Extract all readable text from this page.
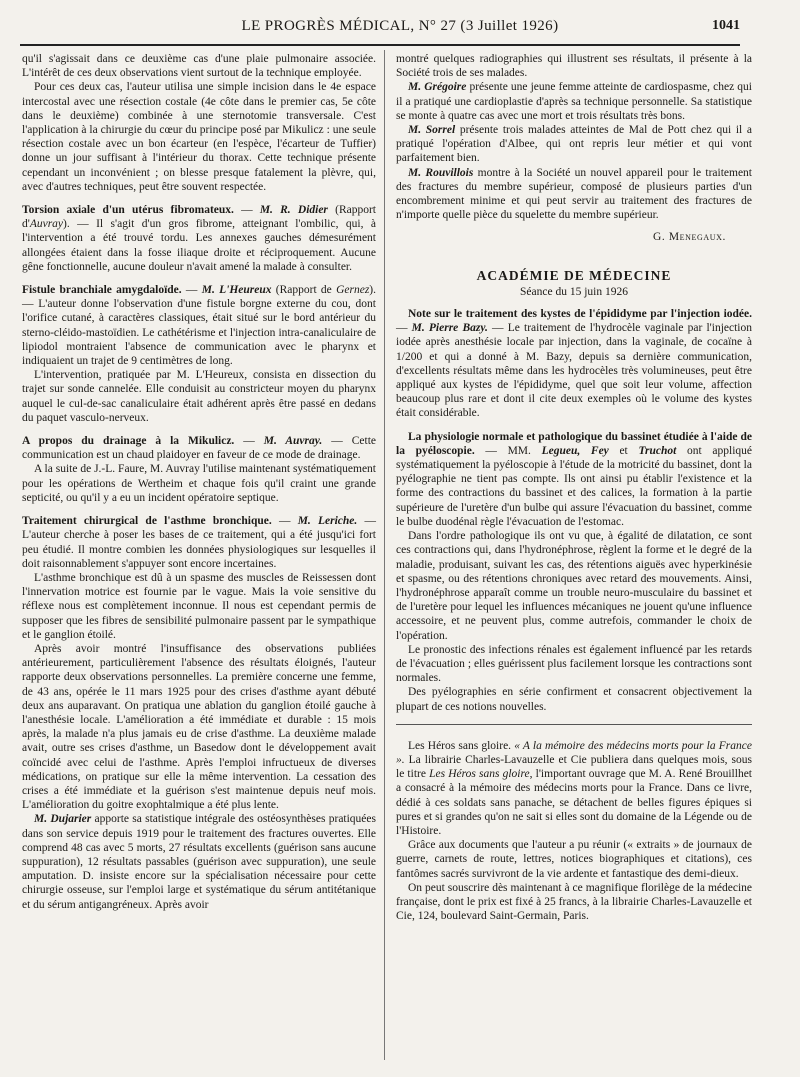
LE PROGRÈS MÉDICAL, N° 27 (3 Juillet 1926)	1041

qu'il s'agissait dans ce deuxième cas d'une plaie pulmonaire associée. L'intérêt de ces deux observations vient surtout de la technique employée.

Pour ces deux cas, l'auteur utilisa une simple incision dans le 4e espace intercostal avec une résection costale (4e côte dans le premier cas, 5e côte dans le deuxième) combinée à une sternotomie transversale. C'est l'application à la chirurgie du cœur du principe posé par Mikulicz : une seule résection costale avec un bon écarteur (en l'espèce, l'écarteur de Tuffier) donne un jour suffisant à l'intérieur du thorax. Cette technique présente cependant un inconvénient ; on blesse presque fatalement la plèvre, qui, avec d'autres techniques, peut être souvent respectée.

Torsion axiale d'un utérus fibromateux. — M. R. Didier (Rapport d'Auvray). — Il s'agit d'un gros fibrome, atteignant l'ombilic, qui, à l'intervention a été trouvé tordu. Les annexes gauches démesurément allongées étaient dans la fosse iliaque droite et réciproquement. Aucune gêne fonctionnelle, aucune douleur n'avait amené la malade à consulter.

Fistule branchiale amygdaloïde. — M. L'Heureux (Rapport de Gernez). — L'auteur donne l'observation d'une fistule borgne externe du cou, dont l'orifice cutané, à caractères classiques, était situé sur le bord antérieur du sterno-cléido-mastoïdien. Le cathétérisme et l'injection intra-canaliculaire de lipiodol montraient l'absence de communication avec le pharynx et indiquaient un trajet de 9 centimètres de long.

L'intervention, pratiquée par M. L'Heureux, consista en dissection du trajet sur sonde cannelée. Elle conduisit au constricteur moyen du pharynx auquel le cul-de-sac canaliculaire était adhérent après être passé en dedans du paquet vasculo-nerveux.

A propos du drainage à la Mikulicz. — M. Auvray. — Cette communication est un chaud plaidoyer en faveur de ce mode de drainage.

A la suite de J.-L. Faure, M. Auvray l'utilise maintenant systématiquement pour les opérations de Wertheim et chaque fois qu'il craint une grande septicité, ou qu'il y a eu un incident opératoire septique.

Traitement chirurgical de l'asthme bronchique. — M. Leriche. — L'auteur cherche à poser les bases de ce traitement, qui a été jusqu'ici fort peu étudié. Il montre combien les données physiologiques sur lesquelles il doit raisonnablement s'appuyer sont encore incertaines.

L'asthme bronchique est dû à un spasme des muscles de Reissessen dont l'innervation motrice est fournie par le vague. Mais la voie sensitive du réflexe nous est complètement inconnue. Il nous est cependant permis de supposer que les fibres de sensibilité pulmonaire passent par le sympathique et le ganglion étoilé.

Après avoir montré l'insuffisance des observations publiées antérieurement, particulièrement l'absence des résultats éloignés, l'auteur rapporte deux observations personnelles. La première concerne une femme, de 43 ans, opérée le 11 mars 1925 pour des crises d'asthme ayant débuté deux ans auparavant. On pratiqua une ablation du ganglion étoilé gauche à l'anesthésie locale. L'amélioration a été immédiate et durable : 15 mois après, la malade n'a plus jamais eu de crise d'asthme. La deuxième malade avait, outre ses crises d'asthme, un Basedow dont le développement avait coïncidé avec celui de l'asthme. Après l'emploi infructueux de diverses médications, on pratique sur elle la même intervention. La cessation des crises a été immédiate et la guérison s'est maintenue depuis neuf mois. L'amélioration du goitre exophtalmique a été plus lente.

M. Dujarier apporte sa statistique intégrale des ostéosynthèses pratiquées dans son service depuis 1919 pour le traitement des fractures ouvertes. Elle comprend 48 cas avec 5 morts, 27 résultats excellents (guérison sans aucune suppuration), 12 résultats passables (guérison avec suppuration), une seule amputation. D. insiste encore sur la spécialisation nécessaire pour cette chirurgie osseuse, sur l'emploi large et systématique du sérum antitétanique et du sérum antigangréneux. Après avoir

montré quelques radiographies qui illustrent ses résultats, il présente à la Société trois de ses malades.

M. Grégoire présente une jeune femme atteinte de cardiospasme, chez qui il a pratiqué une cardioplastie d'après sa technique personnelle. Sa statistique se monte à quatre cas avec une mort et trois résultats très bons.

M. Sorrel présente trois malades atteintes de Mal de Pott chez qui il a pratiqué l'opération d'Albee, qui ont repris leur métier et qui vont parfaitement bien.

M. Rouvillois montre à la Société un nouvel appareil pour le traitement des fractures du membre supérieur, composé de plusieurs parties d'un encombrement minime et qui peut servir au traitement des fractures de n'importe quelle pièce du squelette du membre supérieur.

G. Menegaux.
ACADÉMIE DE MÉDECINE
Séance du 15 juin 1926

Note sur le traitement des kystes de l'épididyme par l'injection iodée. — M. Pierre Bazy. — Le traitement de l'hydrocèle vaginale par l'injection iodée après anesthésie locale par injection, dans la vaginale, de cocaïne à 1/200 et qui a donné à M. Bazy, depuis sa dernière communication, d'excellents résultats même dans les hydrocèles très volumineuses, peut être appliqué aux kystes de l'épididyme, quel que soit leur volume, affection beaucoup plus rare et dont il cite deux exemples où le volume des kystes était considérable.

La physiologie normale et pathologique du bassinet étudiée à l'aide de la pyéloscopie. — MM. Legueu, Fey et Truchot ont appliqué systématiquement la pyéloscopie à l'étude de la motricité du bassinet, dont la pyélographie ne tient pas compte. Ils ont ainsi pu établir l'existence et la forme des contractions du bassinet et des calices, la formation à la partie supérieure de l'uretère d'un bulbe qui assure l'évacuation du bassinet, comme le bulbe duodénal règle l'évacuation de l'estomac.

Dans l'ordre pathologique ils ont vu que, à égalité de dilatation, ce sont ces contractions qui, dans l'hydronéphrose, règlent la forme et le degré de la maladie, produisant, suivant les cas, des rétentions aiguës avec hyperkinésie et spasme, ou des rétentions chroniques avec retard des mouvements. Ainsi, l'hydronéphrose apparaît comme un trouble neuro-musculaire du bassinet et de l'uretère pour lequel les influences mécaniques ne jouent qu'une influence accessoire, et ne peuvent plus, comme autrefois, commander le choix de l'opération.

Le pronostic des infections rénales est également influencé par les retards de l'évacuation ; elles guérissent plus facilement lorsque les contractions sont normales.

Des pyélographies en série confirment et consacrent objectivement la plupart de ces notions nouvelles.

Les Héros sans gloire. « A la mémoire des médecins morts pour la France ». La librairie Charles-Lavauzelle et Cie publiera dans quelques mois, sous le titre Les Héros sans gloire, l'important ouvrage que M. A. René Brouillhet a consacré à la mémoire des médecins morts pour la France. Dans ce livre, dédié à ces soldats sans panache, se détachent de belles figures épiques si pures et si grandes qu'on ne sait si elles sont du domaine de la Légende ou de l'Histoire.

Grâce aux documents que l'auteur a pu réunir (« extraits » de journaux de guerre, carnets de route, lettres, notices biographiques et citations), ces fantômes sacrés survivront de la vie ardente et fantastique des demi-dieux.

On peut souscrire dès maintenant à ce magnifique florilège de la médecine française, dont le prix est fixé à 25 francs, à la librairie Charles-Lavauzelle et Cie, 124, boulevard Saint-Germain, Paris.
